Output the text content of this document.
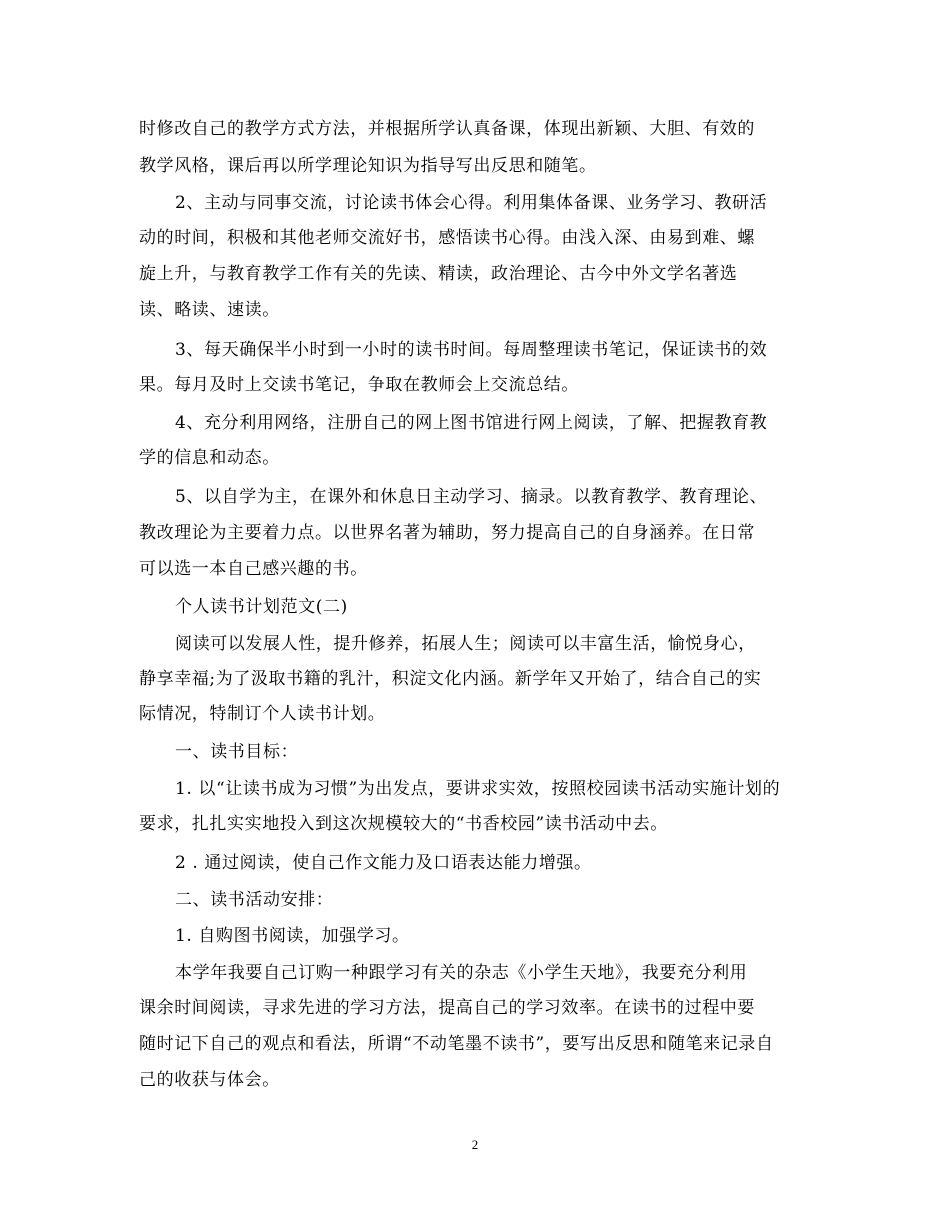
时修改自己的教学方式方法，并根据所学认真备课，体现出新颖、大胆、有效的
教学风格，课后再以所学理论知识为指导写出反思和随笔。
2、主动与同事交流，讨论读书体会心得。利用集体备课、业务学习、教研活
动的时间，积极和其他老师交流好书，感悟读书心得。由浅入深、由易到难、螺
旋上升，与教育教学工作有关的先读、精读，政治理论、古今中外文学名著选
读、略读、速读。
3、每天确保半小时到一小时的读书时间。每周整理读书笔记，保证读书的效
果。每月及时上交读书笔记，争取在教师会上交流总结。
4、充分利用网络，注册自己的网上图书馆进行网上阅读，了解、把握教育教
学的信息和动态。
5、以自学为主，在课外和休息日主动学习、摘录。以教育教学、教育理论、
教改理论为主要着力点。以世界名著为辅助，努力提高自己的自身涵养。在日常
可以选一本自己感兴趣的书。
个人读书计划范文(二)
阅读可以发展人性，提升修养，拓展人生；阅读可以丰富生活，愉悦身心，
静享幸福;为了汲取书籍的乳汁，积淀文化内涵。新学年又开始了，结合自己的实
际情况，特制订个人读书计划。
一、读书目标：
1. 以“让读书成为习惯”为出发点，要讲求实效，按照校园读书活动实施计划的
要求，扎扎实实地投入到这次规模较大的“书香校园”读书活动中去。
2 . 通过阅读，使自己作文能力及口语表达能力增强。
二、读书活动安排：
1. 自购图书阅读，加强学习。
本学年我要自己订购一种跟学习有关的杂志《小学生天地》，我要充分利用
课余时间阅读，寻求先进的学习方法，提高自己的学习效率。在读书的过程中要
随时记下自己的观点和看法，所谓“不动笔墨不读书”，要写出反思和随笔来记录自
己的收获与体会。
2
